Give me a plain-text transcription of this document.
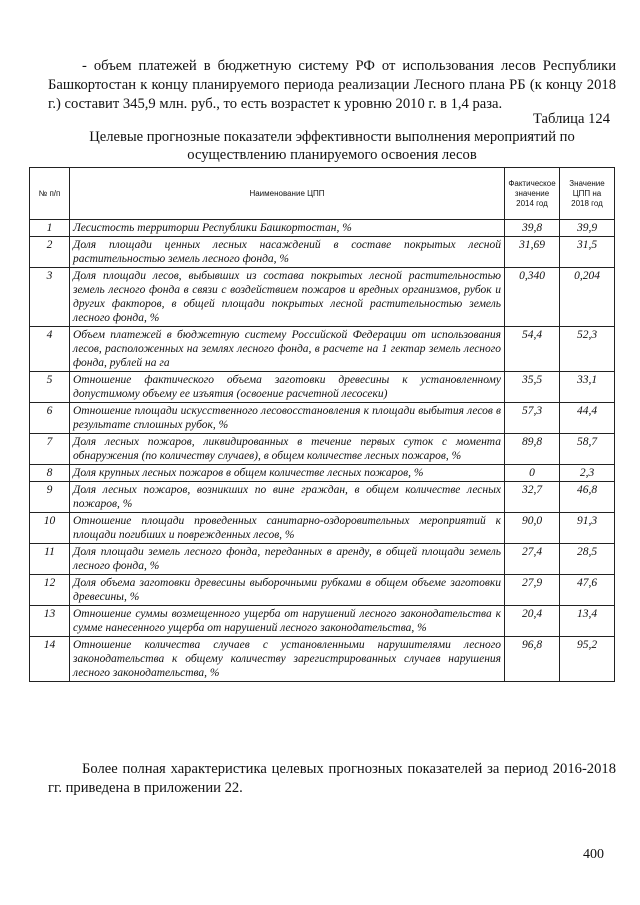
- объем платежей в бюджетную систему РФ от использования лесов Республики Башкортостан к концу планируемого периода реализации Лесного плана РБ (к концу 2018 г.) составит 345,9 млн. руб., то есть возрастет к уровню 2010 г. в 1,4 раза.

Таблица 124
Целевые прогнозные показатели эффективности выполнения мероприятий по осуществлению планируемого освоения лесов
№ п/п	Наименование ЦПП	Фактическое значение 2014 год	Значение ЦПП на 2018 год
1	Лесистость территории Республики Башкортостан, %	39,8	39,9
2	Доля площади ценных лесных насаждений в составе покрытых лесной растительностью земель лесного фонда, %	31,69	31,5
3	Доля площади лесов, выбывших из состава покрытых лесной растительностью земель лесного фонда в связи с воздействием пожаров и вредных организмов, рубок и других факторов, в общей площади покрытых лесной растительностью земель лесного фонда, %	0,340	0,204
4	Объем платежей в бюджетную систему Российской Федерации от использования лесов, расположенных на землях лесного фонда, в расчете на 1 гектар земель лесного фонда, рублей на га	54,4	52,3
5	Отношение фактического объема заготовки древесины к установленному допустимому объему ее изъятия (освоение расчетной лесосеки)	35,5	33,1
6	Отношение площади искусственного лесовосстановления к площади выбытия лесов в результате сплошных рубок, %	57,3	44,4
7	Доля лесных пожаров, ликвидированных в течение первых суток с момента обнаружения (по количеству случаев), в общем количестве лесных пожаров, %	89,8	58,7
8	Доля крупных лесных пожаров в общем количестве лесных пожаров, %	0	2,3
9	Доля лесных пожаров, возникших по вине граждан, в общем количестве лесных пожаров, %	32,7	46,8
10	Отношение площади проведенных санитарно-оздоровительных мероприятий к площади погибших и поврежденных лесов, %	90,0	91,3
11	Доля площади земель лесного фонда, переданных в аренду, в общей площади земель лесного фонда, %	27,4	28,5
12	Доля объема заготовки древесины выборочными рубками в общем объеме заготовки древесины, %	27,9	47,6
13	Отношение суммы возмещенного ущерба от нарушений лесного законодательства к сумме нанесенного ущерба от нарушений лесного законодательства, %	20,4	13,4
14	Отношение количества случаев с установленными нарушителями лесного законодательства к общему количеству зарегистрированных случаев нарушения лесного законодательства, %	96,8	95,2

Более полная характеристика целевых прогнозных показателей за период 2016-2018 гг. приведена в приложении 22.

400
